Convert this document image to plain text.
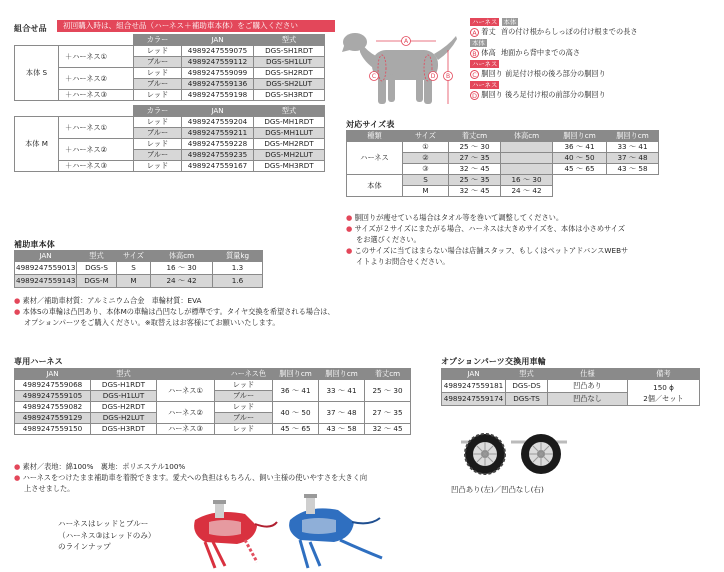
組合せ品	初回購入時は、組合せ品（ハーネス＋補助車本体）をご購入ください
		カラー	JAN	型式
本体 S	＋ハーネス①	レッド	4989247559075	DGS-SH1RDT
		ブルー	4989247559112	DGS-SH1LUT
	＋ハーネス②	レッド	4989247559099	DGS-SH2RDT
		ブルー	4989247559136	DGS-SH2LUT
	＋ハーネス③	レッド	4989247559198	DGS-SH3RDT

		カラー	JAN	型式
本体 M	＋ハーネス①	レッド	4989247559204	DGS-MH1RDT
		ブルー	4989247559211	DGS-MH1LUT
	＋ハーネス②	レッド	4989247559228	DGS-MH2RDT
		ブルー	4989247559235	DGS-MH2LUT
	＋ハーネス③	レッド	4989247559167	DGS-MH3RDT
A
B
C	D
ハーネス 本体
A 着丈 首の付け根からしっぽの付け根までの長さ
本体
B 体高 地面から背中までの高さ
ハーネス
C 胴回り 前足付け根の後ろ部分の胴回り
ハーネス
D 胴回り 後ろ足付け根の前部分の胴回り
対応サイズ表
種類	サイズ	着丈cm	体高cm	胴回りcm	胴回りcm
ハーネス	①	25 〜 30		36 〜 41	33 〜 41
	②	27 〜 35		40 〜 50	37 〜 48
	③	32 〜 45		45 〜 65	43 〜 58
本体	S	25 〜 35	16 〜 30		
	M	32 〜 45	24 〜 42		
● 胴回りが痩せている場合はタオル等を巻いて調整してください。
● サイズが２サイズにまたがる場合、ハーネスは大きめサイズを、本体は小さめサイズ
をお選びください。
● このサイズに当てはまらない場合は店舗スタッフ、もしくはペットアドバンスWEBサ
イトよりお問合せください。
補助車本体
JAN	型式	サイズ	体高cm	質量kg
4989247559013	DGS-S	S	16 〜 30	1.3
4989247559143	DGS-M	M	24 〜 42	1.6
● 素材／補助車材質：アルミニウム合金　車輪材質：EVA
● 本体Sの車輪は凸凹あり、本体Mの車輪は凸凹なしが標準です。タイヤ交換を希望される場合は、
オプションパーツをご購入ください。※取替えはお客様にてお願いいたします。
専用ハーネス
JAN	型式	ハーネス色		胴回りcm	胴回りcm	着丈cm
4989247559068	DGS-H1RDT	ハーネス①	レッド	36 〜 41	33 〜 41	25 〜 30
4989247559105	DGS-H1LUT		ブルー			
4989247559082	DGS-H2RDT	ハーネス②	レッド	40 〜 50	37 〜 48	27 〜 35
4989247559129	DGS-H2LUT		ブルー			
4989247559150	DGS-H3RDT	ハーネス③	レッド	45 〜 65	43 〜 58	32 〜 45
● 素材／表地：綿100%　裏地：ポリエステル100%
● ハーネスをつけたまま補助車を着脱できます。愛犬への負担はもちろん、飼い主様の使いやすさを大きく向
上させました。
ハーネスはレッドとブルー
（ハーネス③はレッドのみ）
のラインナップ
オプションパーツ交換用車輪
JAN	型式	仕様	備考
4989247559181	DGS-DS	凹凸あり	150 ϕ
2個／セット

4989247559174	DGS-TS	凹凸なし	
凹凸あり(左)／凹凸なし(右)
